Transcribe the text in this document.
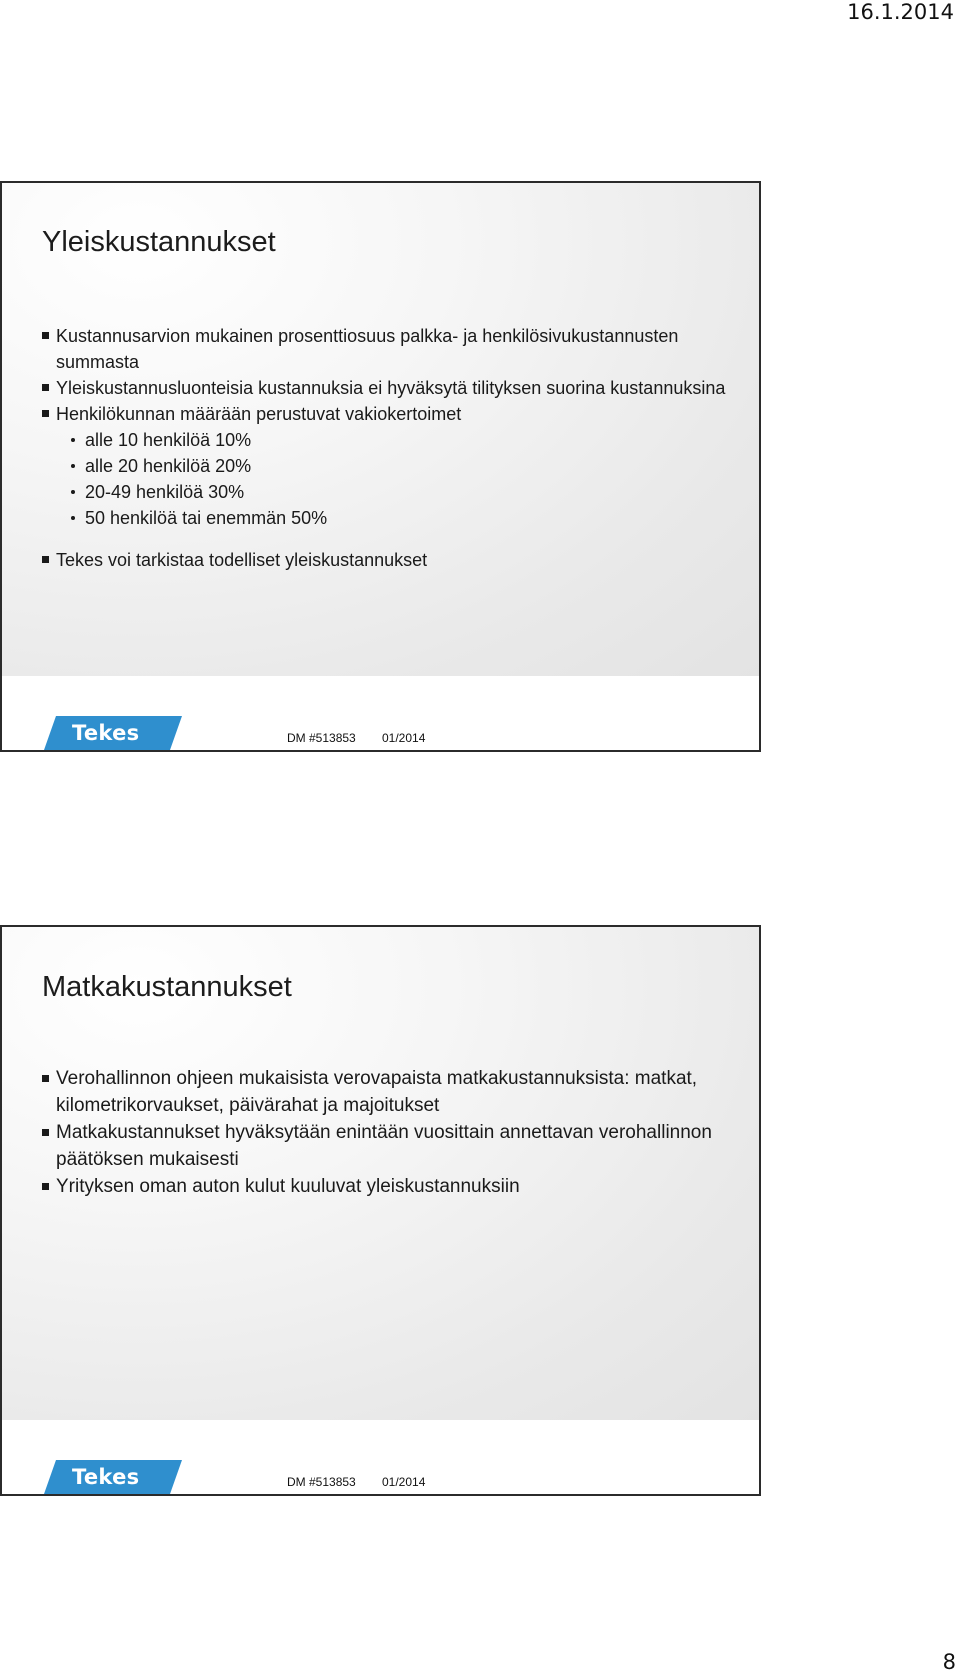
16.1.2014
Yleiskustannukset
Kustannusarvion mukainen prosenttiosuus palkka- ja henkilösivukustannusten summasta
Yleiskustannusluonteisia kustannuksia ei hyväksytä tilityksen suorina kustannuksina
Henkilökunnan määrään perustuvat vakiokertoimet
alle 10 henkilöä 10%
alle 20 henkilöä 20%
20-49 henkilöä 30%
50 henkilöä tai enemmän 50%
Tekes voi tarkistaa todelliset yleiskustannukset
Tekes	DM #513853 01/2014
Matkakustannukset
Verohallinnon ohjeen mukaisista verovapaista matkakustannuksista: matkat, kilometrikorvaukset, päivärahat ja majoitukset
Matkakustannukset hyväksytään enintään vuosittain annettavan verohallinnon päätöksen mukaisesti
Yrityksen oman auton kulut kuuluvat yleiskustannuksiin
Tekes	DM #513853 01/2014
8
